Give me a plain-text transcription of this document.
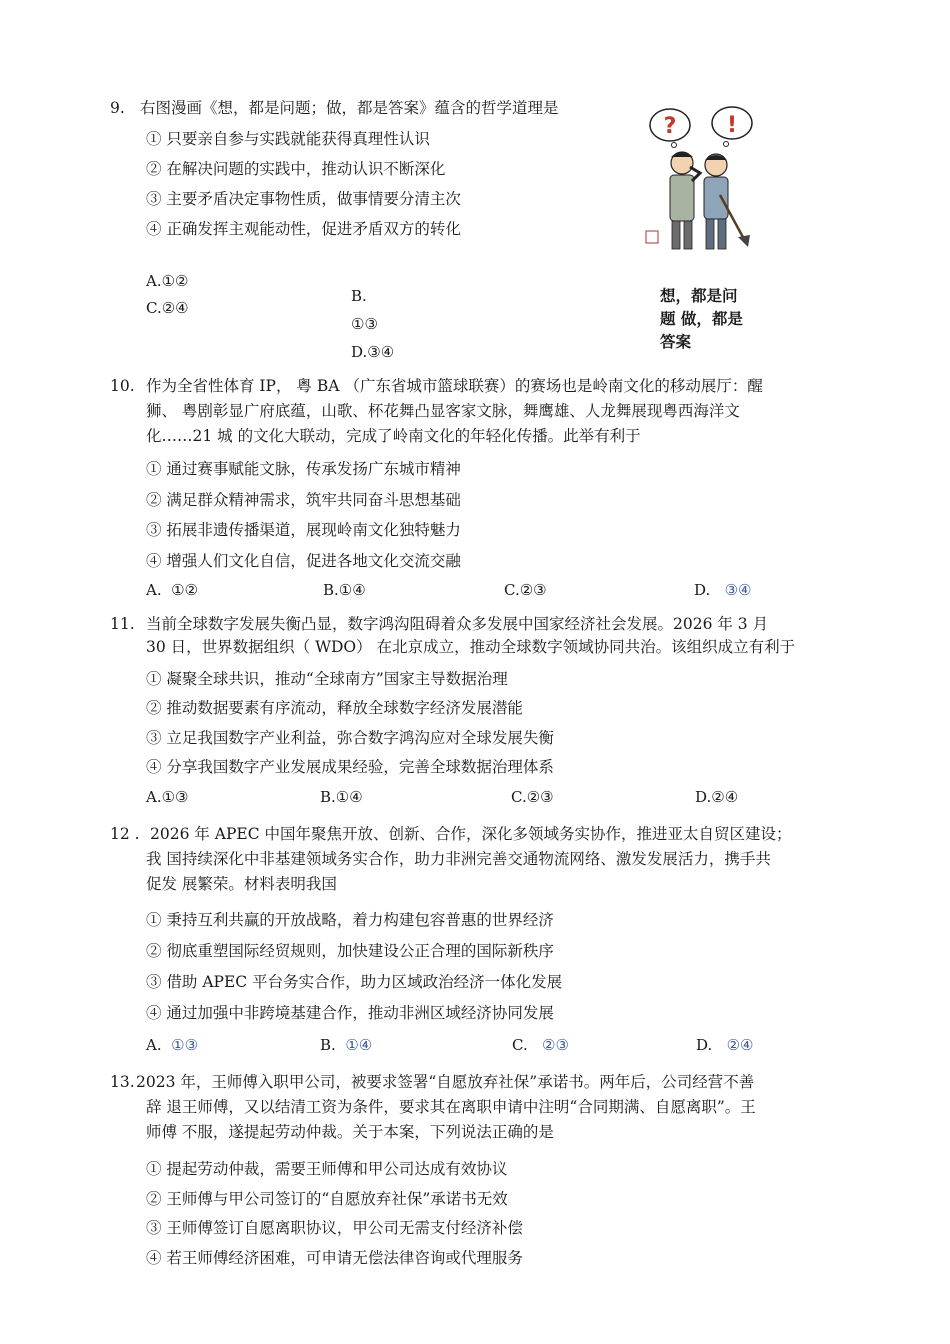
9. 右图漫画《想，都是问题；做，都是答案》蕴含的哲学道理是
① 只要亲自参与实践就能获得真理性认识
② 在解决问题的实践中，推动认识不断深化
③ 主要矛盾决定事物性质，做事情要分清主次
④ 正确发挥主观能动性，促进矛盾双方的转化
A.①②
C.②④
B.
①③
D.③④
? !
想，都是问
题 做，都是
答案
10. 作为全省性体育 IP， 粤 BA （广东省城市篮球联赛）的赛场也是岭南文化的移动展厅：醒
狮、 粤剧彰显广府底蕴，山歌、杯花舞凸显客家文脉，舞鹰雄、人龙舞展现粤西海洋文
化……21 城 的文化大联动，完成了岭南文化的年轻化传播。此举有利于
① 通过赛事赋能文脉，传承发扬广东城市精神
② 满足群众精神需求，筑牢共同奋斗思想基础
③ 拓展非遗传播渠道，展现岭南文化独特魅力
④ 增强人们文化自信，促进各地文化交流交融
A. ①②	B.①④	C.②③	D. ③④
11. 当前全球数字发展失衡凸显，数字鸿沟阻碍着众多发展中国家经济社会发展。2026 年 3 月
30 日，世界数据组织（ WDO） 在北京成立，推动全球数字领域协同共治。该组织成立有利于
① 凝聚全球共识，推动“全球南方”国家主导数据治理
② 推动数据要素有序流动，释放全球数字经济发展潜能
③ 立足我国数字产业利益，弥合数字鸿沟应对全球发展失衡
④ 分享我国数字产业发展成果经验，完善全球数据治理体系
A.①③	B.①④	C.②③	D.②④
12 . 2026 年 APEC 中国年聚焦开放、创新、合作，深化多领域务实协作，推进亚太自贸区建设；
我 国持续深化中非基建领域务实合作，助力非洲完善交通物流网络、激发发展活力，携手共
促发 展繁荣。材料表明我国
① 秉持互利共赢的开放战略，着力构建包容普惠的世界经济
② 彻底重塑国际经贸规则，加快建设公正合理的国际新秩序
③ 借助 APEC 平台务实合作，助力区域政治经济一体化发展
④ 通过加强中非跨境基建合作，推动非洲区域经济协同发展
A. ①③	B. ①④	C. ②③	D. ②④
13. 2023 年，王师傅入职甲公司，被要求签署“自愿放弃社保”承诺书。两年后，公司经营不善
辞 退王师傅，又以结清工资为条件，要求其在离职申请中注明“合同期满、自愿离职”。王
师傅 不服，遂提起劳动仲裁。关于本案，下列说法正确的是
① 提起劳动仲裁，需要王师傅和甲公司达成有效协议
② 王师傅与甲公司签订的“自愿放弃社保”承诺书无效
③ 王师傅签订自愿离职协议，甲公司无需支付经济补偿
④ 若王师傅经济困难，可申请无偿法律咨询或代理服务
